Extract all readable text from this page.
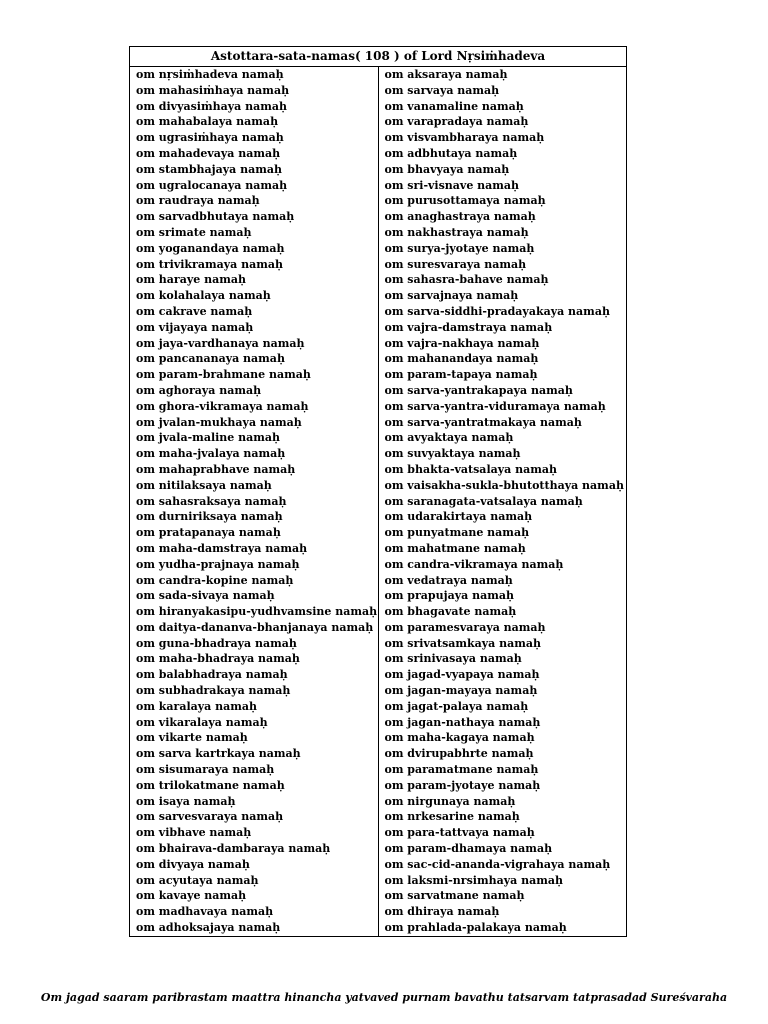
Astottara-sata-namas( 108 ) of Lord Nṛsiṁhadeva	
om nṛsiṁhadeva namaḥ	om aksaraya namaḥ
om mahasiṁhaya namaḥ	om sarvaya namaḥ
om divyasiṁhaya namaḥ	om vanamaline namaḥ
om mahabalaya namaḥ	om varapradaya namaḥ
om ugrasiṁhaya namaḥ	om visvambharaya namaḥ
om mahadevaya namaḥ	om adbhutaya namaḥ
om stambhajaya namaḥ	om bhavyaya namaḥ
om ugralocanaya namaḥ	om sri-visnave namaḥ
om raudraya namaḥ	om purusottamaya namaḥ
om sarvadbhutaya namaḥ	om anaghastraya namaḥ
om srimate namaḥ	om nakhastraya namaḥ
om yoganandaya namaḥ	om surya-jyotaye namaḥ
om trivikramaya namaḥ	om suresvaraya namaḥ
om haraye namaḥ	om sahasra-bahave namaḥ
om kolahalaya namaḥ	om sarvajnaya namaḥ
om cakrave namaḥ	om sarva-siddhi-pradayakaya namaḥ
om vijayaya namaḥ	om vajra-damstraya namaḥ
om jaya-vardhanaya namaḥ	om vajra-nakhaya namaḥ
om pancananaya namaḥ	om mahanandaya namaḥ
om param-brahmane namaḥ	om param-tapaya namaḥ
om aghoraya namaḥ	om sarva-yantrakapaya namaḥ
om ghora-vikramaya namaḥ	om sarva-yantra-viduramaya namaḥ
om jvalan-mukhaya namaḥ	om sarva-yantratmakaya namaḥ
om jvala-maline namaḥ	om avyaktaya namaḥ
om maha-jvalaya namaḥ	om suvyaktaya namaḥ
om mahaprabhave namaḥ	om bhakta-vatsalaya namaḥ
om nitilaksaya namaḥ	om vaisakha-sukla-bhutotthaya namaḥ
om sahasraksaya namaḥ	om saranagata-vatsalaya namaḥ
om durniriksaya namaḥ	om udarakirtaya namaḥ
om pratapanaya namaḥ	om punyatmane namaḥ
om maha-damstraya namaḥ	om mahatmane namaḥ
om yudha-prajnaya namaḥ	om candra-vikramaya namaḥ
om candra-kopine namaḥ	om vedatraya namaḥ
om sada-sivaya namaḥ	om prapujaya namaḥ
om hiranyakasipu-yudhvamsine namaḥ	om bhagavate namaḥ
om daitya-dananva-bhanjanaya namaḥ	om paramesvaraya namaḥ
om guna-bhadraya namaḥ	om srivatsamkaya namaḥ
om maha-bhadraya namaḥ	om srinivasaya namaḥ
om balabhadraya namaḥ	om jagad-vyapaya namaḥ
om subhadrakaya namaḥ	om jagan-mayaya namaḥ
om karalaya namaḥ	om jagat-palaya namaḥ
om vikaralaya namaḥ	om jagan-nathaya namaḥ
om vikarte namaḥ	om maha-kagaya namaḥ
om sarva kartrkaya namaḥ	om dvirupabhrte namaḥ
om sisumaraya namaḥ	om paramatmane namaḥ
om trilokatmane namaḥ	om param-jyotaye namaḥ
om isaya namaḥ	om nirgunaya namaḥ
om sarvesvaraya namaḥ	om nrkesarine namaḥ
om vibhave namaḥ	om para-tattvaya namaḥ
om bhairava-dambaraya namaḥ	om param-dhamaya namaḥ
om divyaya namaḥ	om sac-cid-ananda-vigrahaya namaḥ
om acyutaya namaḥ	om laksmi-nrsimhaya namaḥ
om kavaye namaḥ	om sarvatmane namaḥ
om madhavaya namaḥ	om dhiraya namaḥ
om adhoksajaya namaḥ	om prahlada-palakaya namaḥ
Om jagad saaram paribrastam maattra hinancha yatvaved purnam bavathu tatsarvam tatprasadad Sureśvaraha
